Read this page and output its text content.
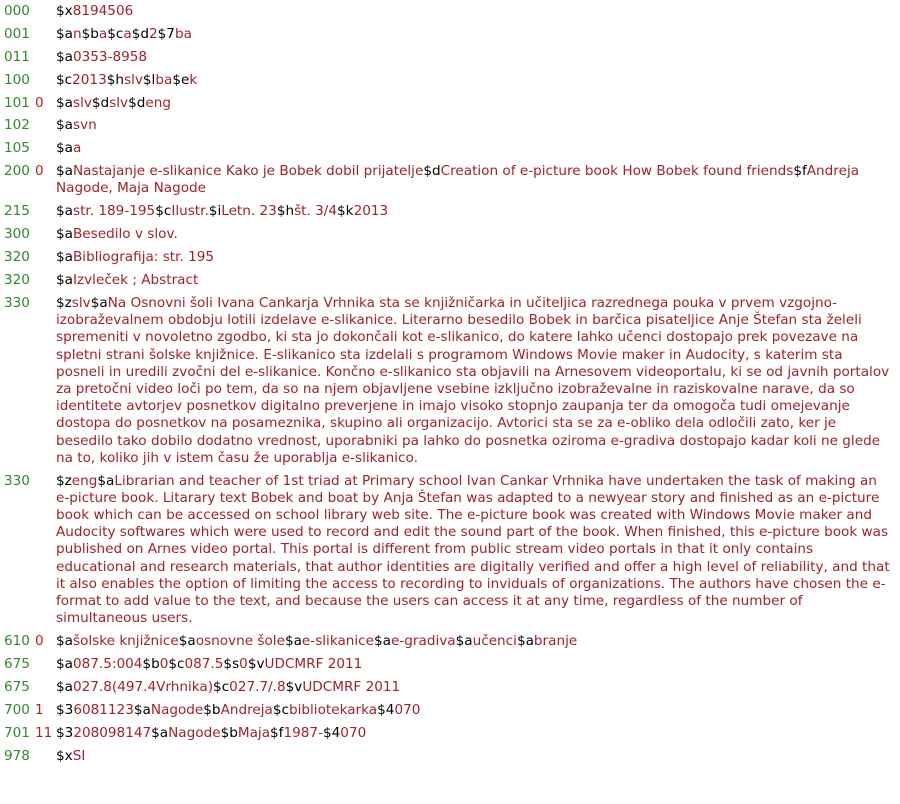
000 $x8194506
001 $an$ba$ca$d2$7ba
011 $a0353-8958
100 $c2013$hslv$lba$ek
101 0 $aslv$dslv$deng
102 $asvn
105 $aa
200 0 $aNastajanje e-slikanice Kako je Bobek dobil prijatelje$dCreation of e-picture book How Bobek found friends$fAndreja Nagode, Maja Nagode
215 $astr. 189-195$cIlustr.$iLetn. 23$hšt. 3/4$k2013
300 $aBesedilo v slov.
320 $aBibliografija: str. 195
320 $aIzvleček ; Abstract
330 $zslv$aNa Osnovni šoli Ivana Cankarja Vrhnika sta se knjižničarka in učiteljica razrednega pouka v prvem vzgojno-izobraževalnem obdobju lotili izdelave e-slikanice. Literarno besedilo Bobek in barčica pisateljice Anje Štefan sta želeli spremeniti v novoletno zgodbo, ki sta jo dokončali kot e-slikanico, do katere lahko učenci dostopajo prek povezave na spletni strani šolske knjižnice. E-slikanico sta izdelali s programom Windows Movie maker in Audocity, s katerim sta posneli in uredili zvočni del e-slikanice. Končno e-slikanico sta objavili na Arnesovem videoportalu, ki se od javnih portalov za pretočni video loči po tem, da so na njem objavljene vsebine izključno izobraževalne in raziskovalne narave, da so identitete avtorjev posnetkov digitalno preverjene in imajo visoko stopnjo zaupanja ter da omogoča tudi omejevanje dostopa do posnetkov na posameznika, skupino ali organizacijo. Avtorici sta se za e-obliko dela odločili zato, ker je besedilo tako dobilo dodatno vrednost, uporabniki pa lahko do posnetka oziroma e-gradiva dostopajo kadar koli ne glede na to, koliko jih v istem času že uporablja e-slikanico.
330 $zeng$aLibrarian and teacher of 1st triad at Primary school Ivan Cankar Vrhnika have undertaken the task of making an e-picture book. Litarary text Bobek and boat by Anja Štefan was adapted to a newyear story and finished as an e-picture book which can be accessed on school library web site. The e-picture book was created with Windows Movie maker and Audocity softwares which were used to record and edit the sound part of the book. When finished, this e-picture book was published on Arnes video portal. This portal is different from public stream video portals in that it only contains educational and research materials, that author identities are digitally verified and offer a high level of reliability, and that it also enables the option of limiting the access to recording to inviduals of organizations. The authors have chosen the e-format to add value to the text, and because the users can access it at any time, regardless of the number of simultaneous users.
610 0 $ašolske knjižnice$aosnovne šole$ae-slikanice$ae-gradiva$aučenci$abranje
675 $a087.5:004$b0$c087.5$s0$vUDCMRF 2011
675 $a027.8(497.4Vrhnika)$c027.7/.8$vUDCMRF 2011
700 1 $36081123$aNagode$bAndreja$cbibliotekarka$4070
701 11 $3208098147$aNagode$bMaja$f1987-$4070
978 $xSI
